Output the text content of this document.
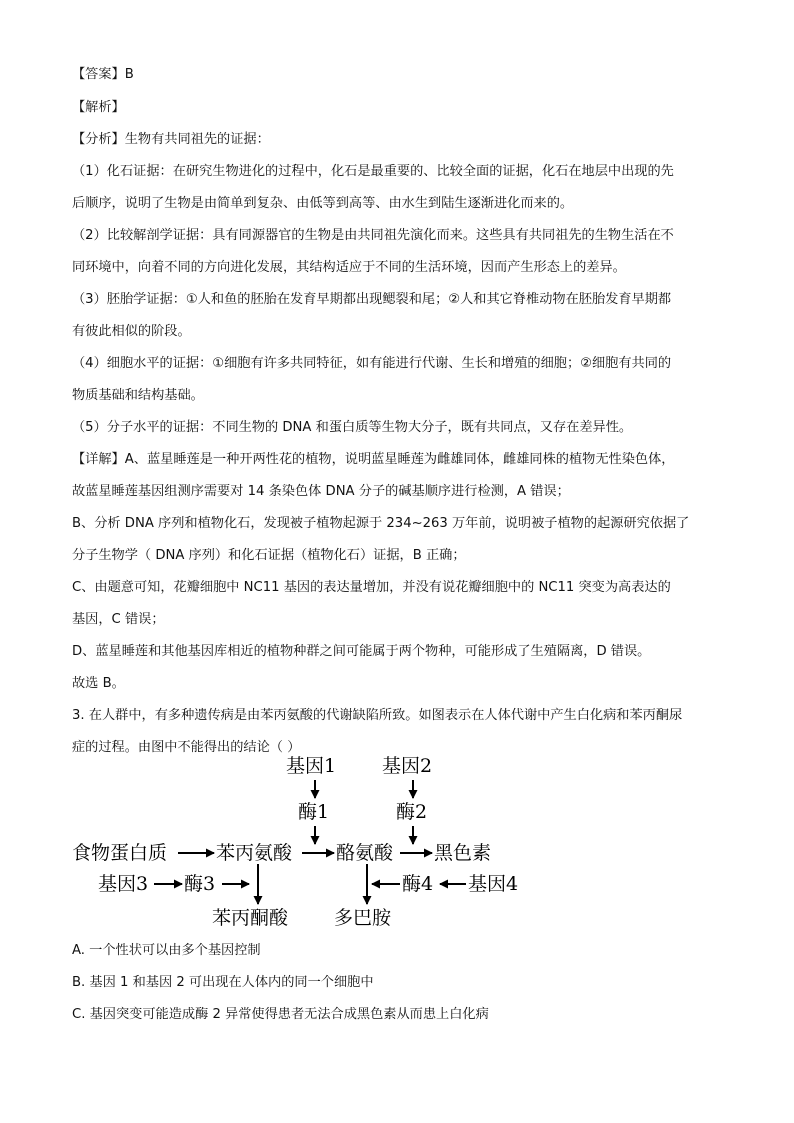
【答案】B
【解析】
【分析】生物有共同祖先的证据：
（1）化石证据：在研究生物进化的过程中，化石是最重要的、比较全面的证据，化石在地层中出现的先
后顺序，说明了生物是由简单到复杂、由低等到高等、由水生到陆生逐渐进化而来的。
（2）比较解剖学证据：具有同源器官的生物是由共同祖先演化而来。这些具有共同祖先的生物生活在不
同环境中，向着不同的方向进化发展，其结构适应于不同的生活环境，因而产生形态上的差异。
（3）胚胎学证据：①人和鱼的胚胎在发育早期都出现鳃裂和尾；②人和其它脊椎动物在胚胎发育早期都
有彼此相似的阶段。
（4）细胞水平的证据：①细胞有许多共同特征，如有能进行代谢、生长和增殖的细胞；②细胞有共同的
物质基础和结构基础。
（5）分子水平的证据：不同生物的 DNA 和蛋白质等生物大分子，既有共同点，又存在差异性。
【详解】A、蓝星睡莲是一种开两性花的植物，说明蓝星睡莲为雌雄同体，雌雄同株的植物无性染色体，
故蓝星睡莲基因组测序需要对 14 条染色体 DNA 分子的碱基顺序进行检测，A 错误；
B、分析 DNA 序列和植物化石，发现被子植物起源于 234~263 万年前，说明被子植物的起源研究依据了
分子生物学（ DNA 序列）和化石证据（植物化石）证据，B 正确；
C、由题意可知，花瓣细胞中 NC11 基因的表达量增加，并没有说花瓣细胞中的 NC11 突变为高表达的
基因，C 错误；
D、蓝星睡莲和其他基因库相近的植物种群之间可能属于两个物种，可能形成了生殖隔离，D 错误。
故选 B。
3. 在人群中，有多种遗传病是由苯丙氨酸的代谢缺陷所致。如图表示在人体代谢中产生白化病和苯丙酮尿
症的过程。由图中不能得出的结论（ ）
基因1 基因2
酶1	酶2
食物蛋白质	苯丙氨酸 酪氨酸 黑色素
基因3 酶3
苯丙酮酸
酶4 基因4
多巴胺
A. 一个性状可以由多个基因控制
B. 基因 1 和基因 2 可出现在人体内的同一个细胞中
C. 基因突变可能造成酶 2 异常使得患者无法合成黑色素从而患上白化病
